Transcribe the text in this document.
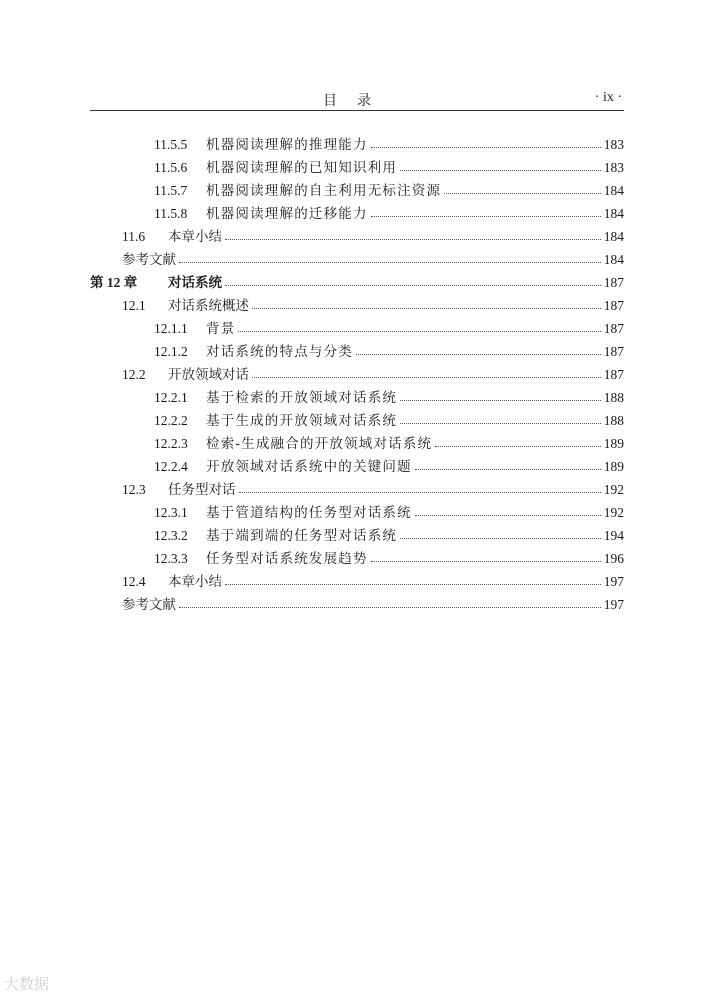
目录	· ix ·
11.5.5	机器阅读理解的推理能力	183
11.5.6	机器阅读理解的已知知识利用	183
11.5.7	机器阅读理解的自主利用无标注资源	184
11.5.8	机器阅读理解的迁移能力	184
11.6	本章小结	184
参考文献	184
第 12 章	对话系统	187
12.1	对话系统概述	187
12.1.1	背景	187
12.1.2	对话系统的特点与分类	187
12.2	开放领域对话	187
12.2.1	基于检索的开放领域对话系统	188
12.2.2	基于生成的开放领域对话系统	188
12.2.3	检索-生成融合的开放领域对话系统	189
12.2.4	开放领域对话系统中的关键问题	189
12.3	任务型对话	192
12.3.1	基于管道结构的任务型对话系统	192
12.3.2	基于端到端的任务型对话系统	194
12.3.3	任务型对话系统发展趋势	196
12.4	本章小结	197
参考文献	197
大数据
